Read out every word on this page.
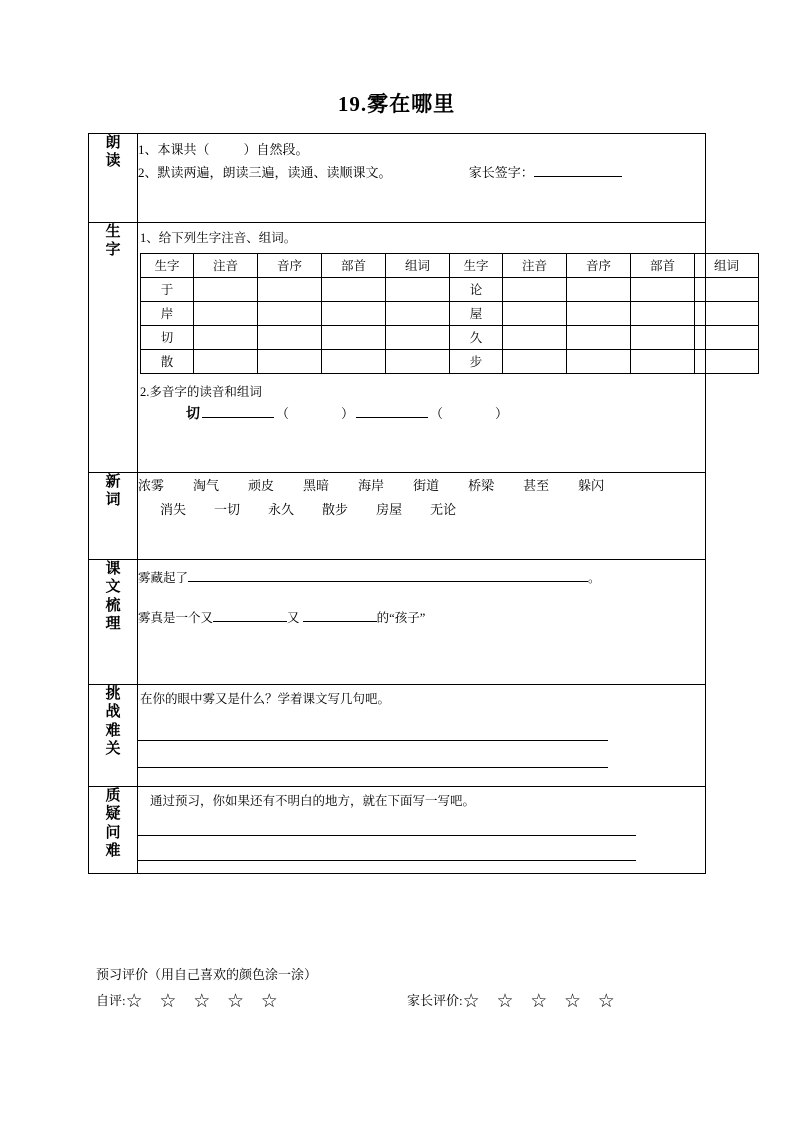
19.雾在哪里
朗
读

1、本课共（	）自然段。
2、默读两遍，朗读三遍，读通、读顺课文。	家长签字：

生
字

1、给下列生字注音、组词。
生字	注音	音序	部首	组词	生字	注音	音序	部首	组词
于					论				
岸					屋				
切					久				
散					步				
2.多音字的读音和组词
切	（	）	（	）

新
词

浓雾 淘气 顽皮 黑暗 海岸 街道 桥梁 甚至 躲闪
消失 一切 永久 散步 房屋 无论

课
文
梳
理

雾藏起了	。
雾真是一个又	又	的“孩子”

挑
战
难
关

在你的眼中雾又是什么？学着课文写几句吧。

质
疑
问
难

通过预习，你如果还有不明白的地方，就在下面写一写吧。
预习评价（用自己喜欢的颜色涂一涂）
自评:☆ ☆ ☆ ☆ ☆	家长评价:☆ ☆ ☆ ☆ ☆
